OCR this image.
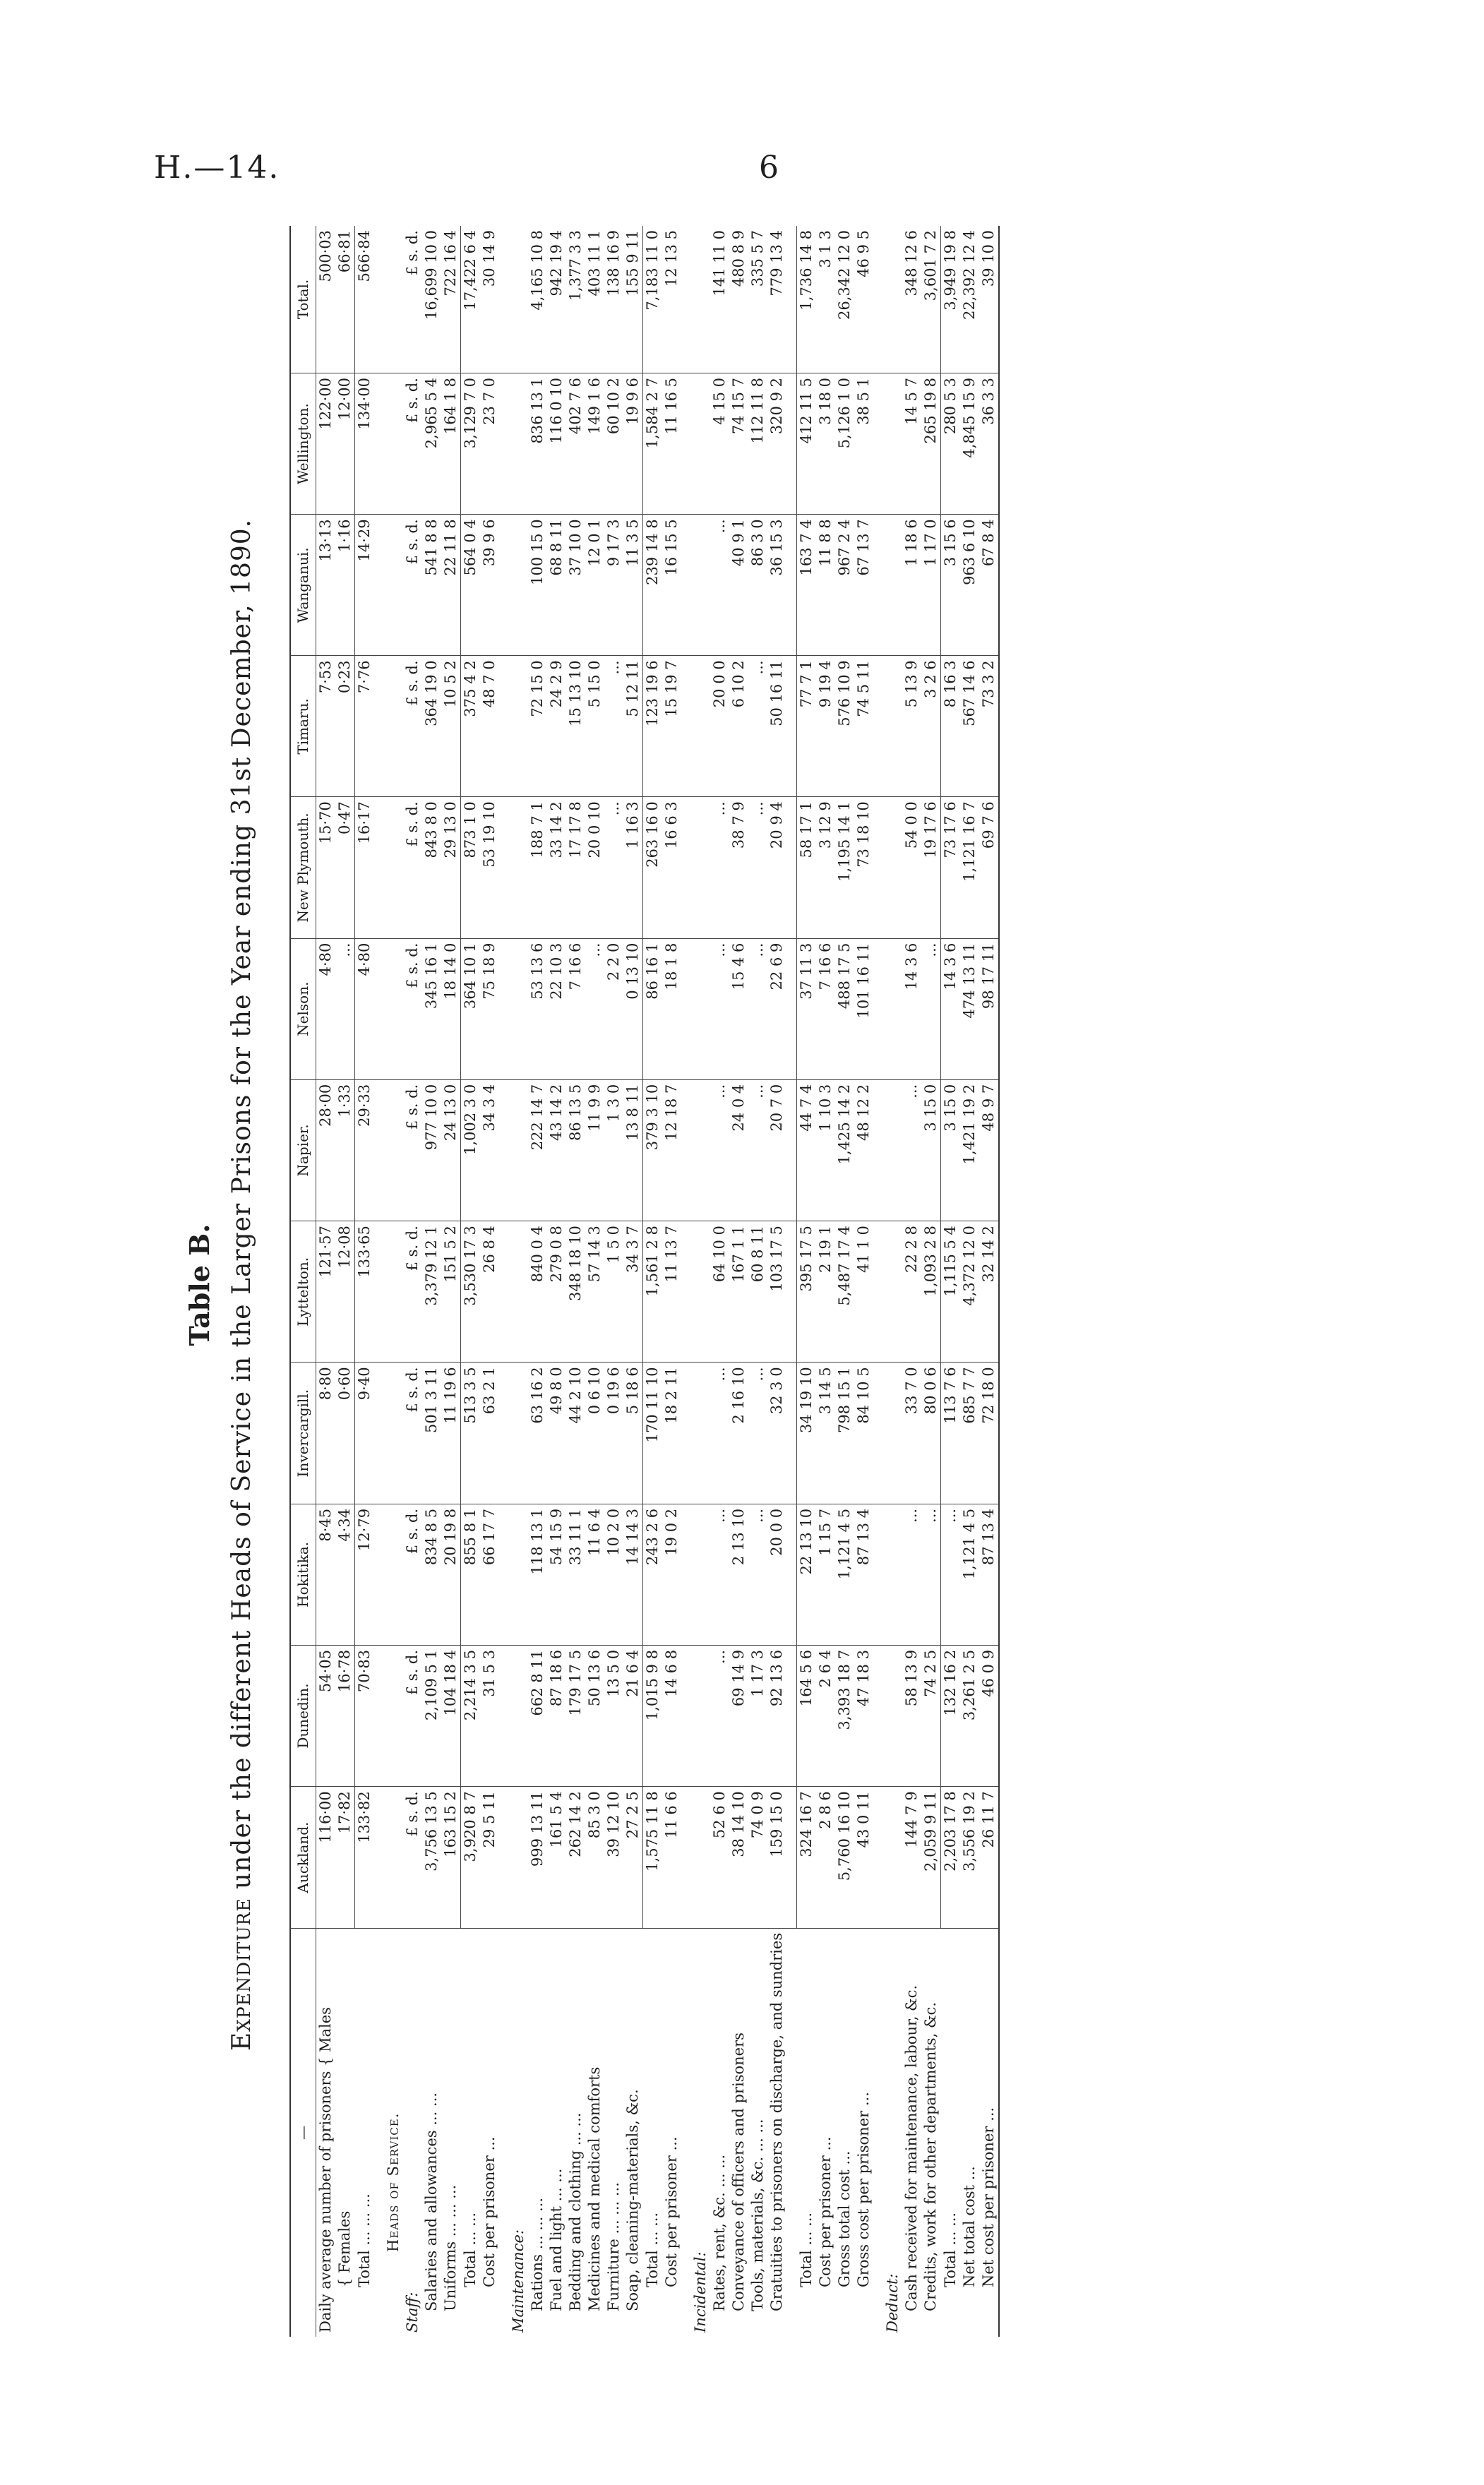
H.—14.	6
Table B.
Expenditure under the different Heads of Service in the Larger Prisons for the Year ending 31st December, 1890.
—	Auckland.	Dunedin.	Hokitika.	Invercargill.	Lyttelton.	Napier.	Nelson.	New Plymouth.	Timaru.	Wanganui.	Wellington.	Total.
Daily average number of prisoners { Males	116·00	54·05	8·45	8·80	121·57	28·00	4·80	15·70	7·53	13·13	122·00	500·03
{ Females	17·82	16·78	4·34	0·60	12·08	1·33	...	0·47	0·23	1·16	12·00	66·81
Total ... ... ...	133·82	70·83	12·79	9·40	133·65	29·33	4·80	16·17	7·76	14·29	134·00	566·84

Heads of Service.												
Staff:	£ s. d.	£ s. d.	£ s. d.	£ s. d.	£ s. d.	£ s. d.	£ s. d.	£ s. d.	£ s. d.	£ s. d.	£ s. d.	£ s. d.
Salaries and allowances ... ...	3,756 13 5	2,109 5 1	834 8 5	501 3 11	3,379 12 1	977 10 0	345 16 1	843 8 0	364 19 0	541 8 8	2,965 5 4	16,699 10 0
Uniforms ... ... ...	163 15 2	104 18 4	20 19 8	11 19 6	151 5 2	24 13 0	18 14 0	29 13 0	10 5 2	22 11 8	164 1 8	722 16 4
Total ... ...	3,920 8 7	2,214 3 5	855 8 1	513 3 5	3,530 17 3	1,002 3 0	364 10 1	873 1 0	375 4 2	564 0 4	3,129 7 0	17,422 6 4
Cost per prisoner ...	29 5 11	31 5 3	66 17 7	63 2 1	26 8 4	34 3 4	75 18 9	53 19 10	48 7 0	39 9 6	23 7 0	30 14 9

Maintenance:												
Rations ... ... ...	999 13 11	662 8 11	118 13 1	63 16 2	840 0 4	222 14 7	53 13 6	188 7 1	72 15 0	100 15 0	836 13 1	4,165 10 8
Fuel and light ... ...	161 5 4	87 18 6	54 15 9	49 8 0	279 0 8	43 14 2	22 10 3	33 14 2	24 2 9	68 8 11	116 0 10	942 19 4
Bedding and clothing ... ...	262 14 2	179 17 5	33 11 1	44 2 10	348 18 10	86 13 5	7 16 6	17 17 8	15 13 10	37 10 0	402 7 6	1,377 3 3
Medicines and medical comforts	85 3 0	50 13 6	11 6 4	0 6 10	57 14 3	11 9 9	...	20 0 10	5 15 0	12 0 1	149 1 6	403 11 1
Furniture ... ... ...	39 12 10	13 5 0	10 2 0	0 19 6	1 5 0	1 3 0	2 2 0	...	...	9 17 3	60 10 2	138 16 9
Soap, cleaning-materials, &c.	27 2 5	21 6 4	14 14 3	5 18 6	34 3 7	13 8 11	0 13 10	1 16 3	5 12 11	11 3 5	19 9 6	155 9 11
Total ... ...	1,575 11 8	1,015 9 8	243 2 6	170 11 10	1,561 2 8	379 3 10	86 16 1	263 16 0	123 19 6	239 14 8	1,584 2 7	7,183 11 0
Cost per prisoner ...	11 6 6	14 6 8	19 0 2	18 2 11	11 13 7	12 18 7	18 1 8	16 6 3	15 19 7	16 15 5	11 16 5	12 13 5

Incidental:												
Rates, rent, &c. ... ...	52 6 0	...	...	...	64 10 0	...	...	...	20 0 0	...	4 15 0	141 11 0
Conveyance of officers and prisoners	38 14 10	69 14 9	2 13 10	2 16 10	167 1 1	24 0 4	15 4 6	38 7 9	6 10 2	40 9 1	74 15 7	480 8 9
Tools, materials, &c. ... ...	74 0 9	1 17 3	...	...	60 8 11	...	...	...	...	86 3 0	112 11 8	335 5 7
Gratuities to prisoners on discharge, and sundries	159 15 0	92 13 6	20 0 0	32 3 0	103 17 5	20 7 0	22 6 9	20 9 4	50 16 11	36 15 3	320 9 2	779 13 4

Total ... ...	324 16 7	164 5 6	22 13 10	34 19 10	395 17 5	44 7 4	37 11 3	58 17 1	77 7 1	163 7 4	412 11 5	1,736 14 8
Cost per prisoner ...	2 8 6	2 6 4	1 15 7	3 14 5	2 19 1	1 10 3	7 16 6	3 12 9	9 19 4	11 8 8	3 18 0	3 1 3
Gross total cost ...	5,760 16 10	3,393 18 7	1,121 4 5	798 15 1	5,487 17 4	1,425 14 2	488 17 5	1,195 14 1	576 10 9	967 2 4	5,126 1 0	26,342 12 0
Gross cost per prisoner ...	43 0 11	47 18 3	87 13 4	84 10 5	41 1 0	48 12 2	101 16 11	73 18 10	74 5 11	67 13 7	38 5 1	46 9 5

Deduct:												
Cash received for maintenance, labour, &c.	144 7 9	58 13 9	...	33 7 0	22 2 8	...	14 3 6	54 0 0	5 13 9	1 18 6	14 5 7	348 12 6
Credits, work for other departments, &c.	2,059 9 11	74 2 5	...	80 0 6	1,093 2 8	3 15 0	...	19 17 6	3 2 6	1 17 0	265 19 8	3,601 7 2
Total ... ...	2,203 17 8	132 16 2	...	113 7 6	1,115 5 4	3 15 0	14 3 6	73 17 6	8 16 3	3 15 6	280 5 3	3,949 19 8
Net total cost ...	3,556 19 2	3,261 2 5	1,121 4 5	685 7 7	4,372 12 0	1,421 19 2	474 13 11	1,121 16 7	567 14 6	963 6 10	4,845 15 9	22,392 12 4
Net cost per prisoner ...	26 11 7	46 0 9	87 13 4	72 18 0	32 14 2	48 9 7	98 17 11	69 7 6	73 3 2	67 8 4	36 3 3	39 10 0
